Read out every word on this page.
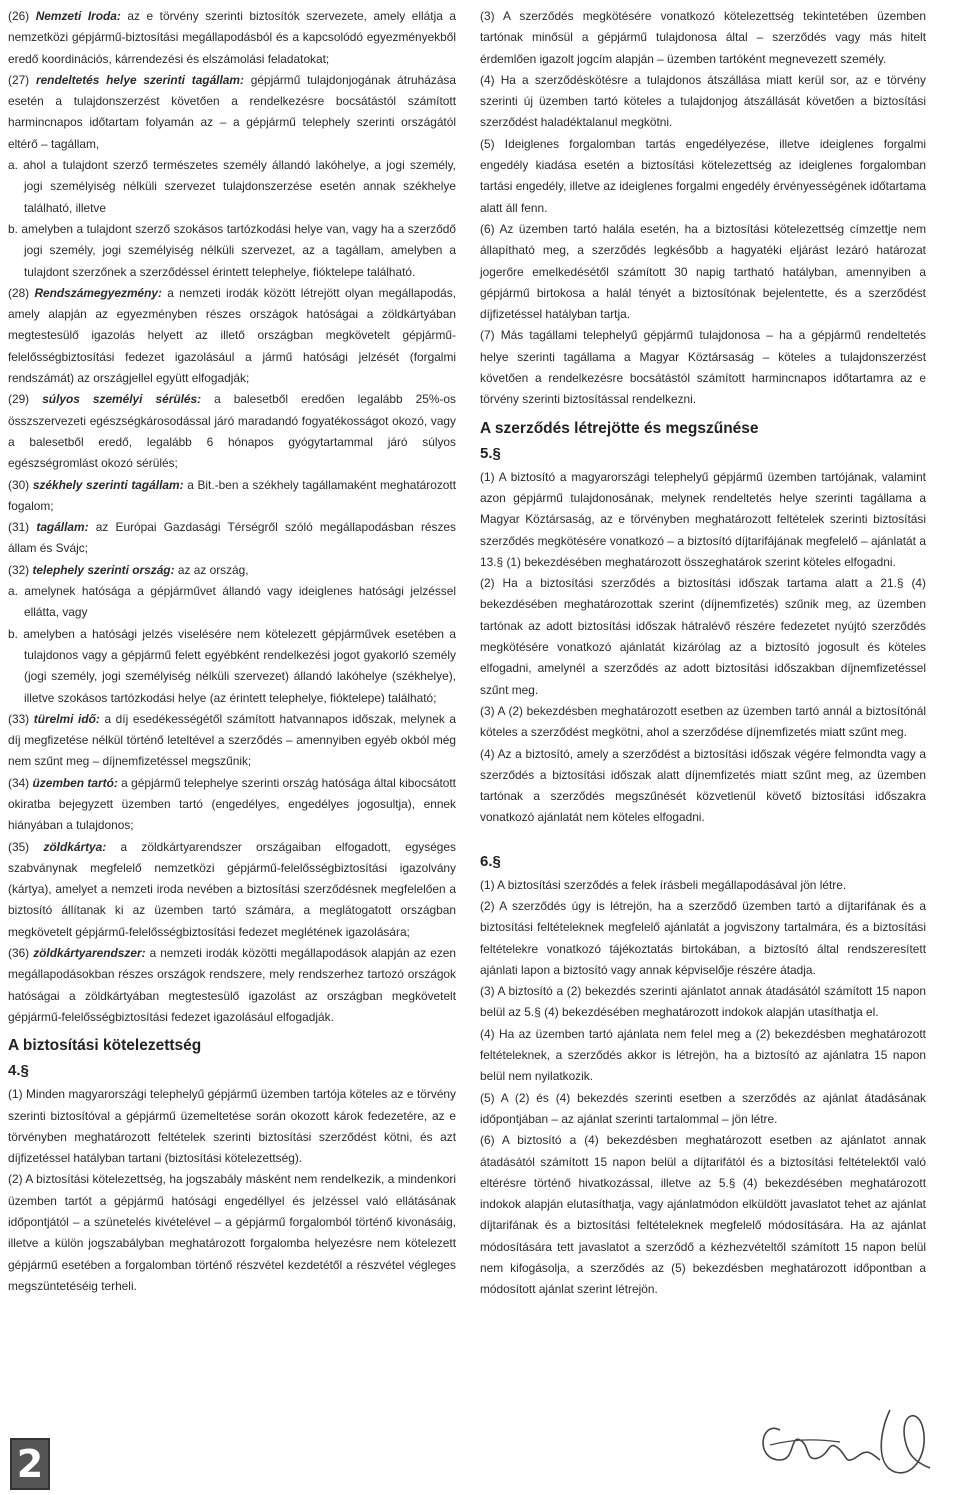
(26) Nemzeti Iroda: az e törvény szerinti biztosítók szervezete, amely ellátja a nemzetközi gépjármű-biztosítási megállapodásból és a kapcsolódó egyezményekből eredő koordinációs, kárrendezési és elszámolási feladatokat;

(27) rendeltetés helye szerinti tagállam: gépjármű tulajdonjogának átruházása esetén a tulajdonszerzést követően a rendelkezésre bocsátástól számított harmincnapos időtartam folyamán az – a gépjármű telephely szerinti országától eltérő – tagállam,

a. ahol a tulajdont szerző természetes személy állandó lakóhelye, a jogi személy, jogi személyiség nélküli szervezet tulajdonszerzése esetén annak székhelye található, illetve

b. amelyben a tulajdont szerző szokásos tartózkodási helye van, vagy ha a szerződő jogi személy, jogi személyiség nélküli szervezet, az a tagállam, amelyben a tulajdont szerzőnek a szerződéssel érintett telephelye, fióktelepe található.

(28) Rendszámegyezmény: a nemzeti irodák között létrejött olyan megállapodás, amely alapján az egyezményben részes országok hatóságai a zöldkártyában megtestesülő igazolás helyett az illető országban megkövetelt gépjármű-felelősségbiztosítási fedezet igazolásául a jármű hatósági jelzését (forgalmi rendszámát) az országjellel együtt elfogadják;

(29) súlyos személyi sérülés: a balesetből eredően legalább 25%-os összszervezeti egészségkárosodással járó maradandó fogyatékosságot okozó, vagy a balesetből eredő, legalább 6 hónapos gyógytartammal járó súlyos egészségromlást okozó sérülés;

(30) székhely szerinti tagállam: a Bit.-ben a székhely tagállamaként meghatározott fogalom;

(31) tagállam: az Európai Gazdasági Térségről szóló megállapodásban részes állam és Svájc;

(32) telephely szerinti ország: az az ország,

a. amelynek hatósága a gépjárművet állandó vagy ideiglenes hatósági jelzéssel ellátta, vagy

b. amelyben a hatósági jelzés viselésére nem kötelezett gépjárművek esetében a tulajdonos vagy a gépjármű felett egyébként rendelkezési jogot gyakorló személy (jogi személy, jogi személyiség nélküli szervezet) állandó lakóhelye (székhelye), illetve szokásos tartózkodási helye (az érintett telephelye, fióktelepe) található;

(33) türelmi idő: a díj esedékességétől számított hatvannapos időszak, melynek a díj megfizetése nélkül történő leteltével a szerződés – amennyiben egyéb okból még nem szűnt meg – díjnemfizetéssel megszűnik;

(34) üzemben tartó: a gépjármű telephelye szerinti ország hatósága által kibocsátott okiratba bejegyzett üzemben tartó (engedélyes, engedélyes jogosultja), ennek hiányában a tulajdonos;

(35) zöldkártya: a zöldkártyarendszer országaiban elfogadott, egységes szabványnak megfelelő nemzetközi gépjármű-felelősségbiztosítási igazolvány (kártya), amelyet a nemzeti iroda nevében a biztosítási szerződésnek megfelelően a biztosító állítanak ki az üzemben tartó számára, a meglátogatott országban megkövetelt gépjármű-felelősségbiztosítási fedezet meglétének igazolására;

(36) zöldkártyarendszer: a nemzeti irodák közötti megállapodások alapján az ezen megállapodásokban részes országok rendszere, mely rendszerhez tartozó országok hatóságai a zöldkártyában megtestesülő igazolást az országban megkövetelt gépjármű-felelősségbiztosítási fedezet igazolásául elfogadják.

A biztosítási kötelezettség
4.§

(1) Minden magyarországi telephelyű gépjármű üzemben tartója köteles az e törvény szerinti biztosítóval a gépjármű üzemeltetése során okozott károk fedezetére, az e törvényben meghatározott feltételek szerinti biztosítási szerződést kötni, és azt díjfizetéssel hatályban tartani (biztosítási kötelezettség).

(2) A biztosítási kötelezettség, ha jogszabály másként nem rendelkezik, a mindenkori üzemben tartót a gépjármű hatósági engedéllyel és jelzéssel való ellátásának időpontjától – a szünetelés kivételével – a gépjármű forgalomból történő kivonásáig, illetve a külön jogszabályban meghatározott forgalomba helyezésre nem kötelezett gépjármű esetében a forgalomban történő részvétel kezdetétől a részvétel végleges megszüntetéséig terheli.

(3) A szerződés megkötésére vonatkozó kötelezettség tekintetében üzemben tartónak minősül a gépjármű tulajdonosa által – szerződés vagy más hitelt érdemlően igazolt jogcím alapján – üzemben tartóként megnevezett személy.

(4) Ha a szerződéskötésre a tulajdonos átszállása miatt kerül sor, az e törvény szerinti új üzemben tartó köteles a tulajdonjog átszállását követően a biztosítási szerződést haladéktalanul megkötni.

(5) Ideiglenes forgalomban tartás engedélyezése, illetve ideiglenes forgalmi engedély kiadása esetén a biztosítási kötelezettség az ideiglenes forgalomban tartási engedély, illetve az ideiglenes forgalmi engedély érvényességének időtartama alatt áll fenn.

(6) Az üzemben tartó halála esetén, ha a biztosítási kötelezettség címzettje nem állapítható meg, a szerződés legkésőbb a hagyatéki eljárást lezáró határozat jogerőre emelkedésétől számított 30 napig tartható hatályban, amennyiben a gépjármű birtokosa a halál tényét a biztosítónak bejelentette, és a szerződést díjfizetéssel hatályban tartja.

(7) Más tagállami telephelyű gépjármű tulajdonosa – ha a gépjármű rendeltetés helye szerinti tagállama a Magyar Köztársaság – köteles a tulajdonszerzést követően a rendelkezésre bocsátástól számított harmincnapos időtartamra az e törvény szerinti biztosítással rendelkezni.

A szerződés létrejötte és megszűnése
5.§

(1) A biztosító a magyarországi telephelyű gépjármű üzemben tartójának, valamint azon gépjármű tulajdonosának, melynek rendeltetés helye szerinti tagállama a Magyar Köztársaság, az e törvényben meghatározott feltételek szerinti biztosítási szerződés megkötésére vonatkozó – a biztosító díjtarifájának megfelelő – ajánlatát a 13.§ (1) bekezdésében meghatározott összeghatárok szerint köteles elfogadni.

(2) Ha a biztosítási szerződés a biztosítási időszak tartama alatt a 21.§ (4) bekezdésében meghatározottak szerint (díjnemfizetés) szűnik meg, az üzemben tartónak az adott biztosítási időszak hátralévő részére fedezetet nyújtó szerződés megkötésére vonatkozó ajánlatát kizárólag az a biztosító jogosult és köteles elfogadni, amelynél a szerződés az adott biztosítási időszakban díjnemfizetéssel szűnt meg.

(3) A (2) bekezdésben meghatározott esetben az üzemben tartó annál a biztosítónál köteles a szerződést megkötni, ahol a szerződése díjnemfizetés miatt szűnt meg.

(4) Az a biztosító, amely a szerződést a biztosítási időszak végére felmondta vagy a szerződés a biztosítási időszak alatt díjnemfizetés miatt szűnt meg, az üzemben tartónak a szerződés megszűnését közvetlenül követő biztosítási időszakra vonatkozó ajánlatát nem köteles elfogadni.

6.§

(1) A biztosítási szerződés a felek írásbeli megállapodásával jön létre.

(2) A szerződés úgy is létrejön, ha a szerződő üzemben tartó a díjtarifának és a biztosítási feltételeknek megfelelő ajánlatát a jogviszony tartalmára, és a biztosítási feltételekre vonatkozó tájékoztatás birtokában, a biztosító által rendszeresített ajánlati lapon a biztosító vagy annak képviselője részére átadja.

(3) A biztosító a (2) bekezdés szerinti ajánlatot annak átadásától számított 15 napon belül az 5.§ (4) bekezdésében meghatározott indokok alapján utasíthatja el.

(4) Ha az üzemben tartó ajánlata nem felel meg a (2) bekezdésben meghatározott feltételeknek, a szerződés akkor is létrejön, ha a biztosító az ajánlatra 15 napon belül nem nyilatkozik.

(5) A (2) és (4) bekezdés szerinti esetben a szerződés az ajánlat átadásának időpontjában – az ajánlat szerinti tartalommal – jön létre.

(6) A biztosító a (4) bekezdésben meghatározott esetben az ajánlatot annak átadásától számított 15 napon belül a díjtarifától és a biztosítási feltételektől való eltérésre történő hivatkozással, illetve az 5.§ (4) bekezdésében meghatározott indokok alapján elutasíthatja, vagy ajánlatmódon elküldött javaslatot tehet az ajánlat díjtarifának és a biztosítási feltételeknek megfelelő módosítására. Ha az ajánlat módosítására tett javaslatot a szerződő a kézhezvételtől számított 15 napon belül nem kifogásolja, a szerződés az (5) bekezdésben meghatározott időpontban a módosított ajánlat szerint létrejön.

2
